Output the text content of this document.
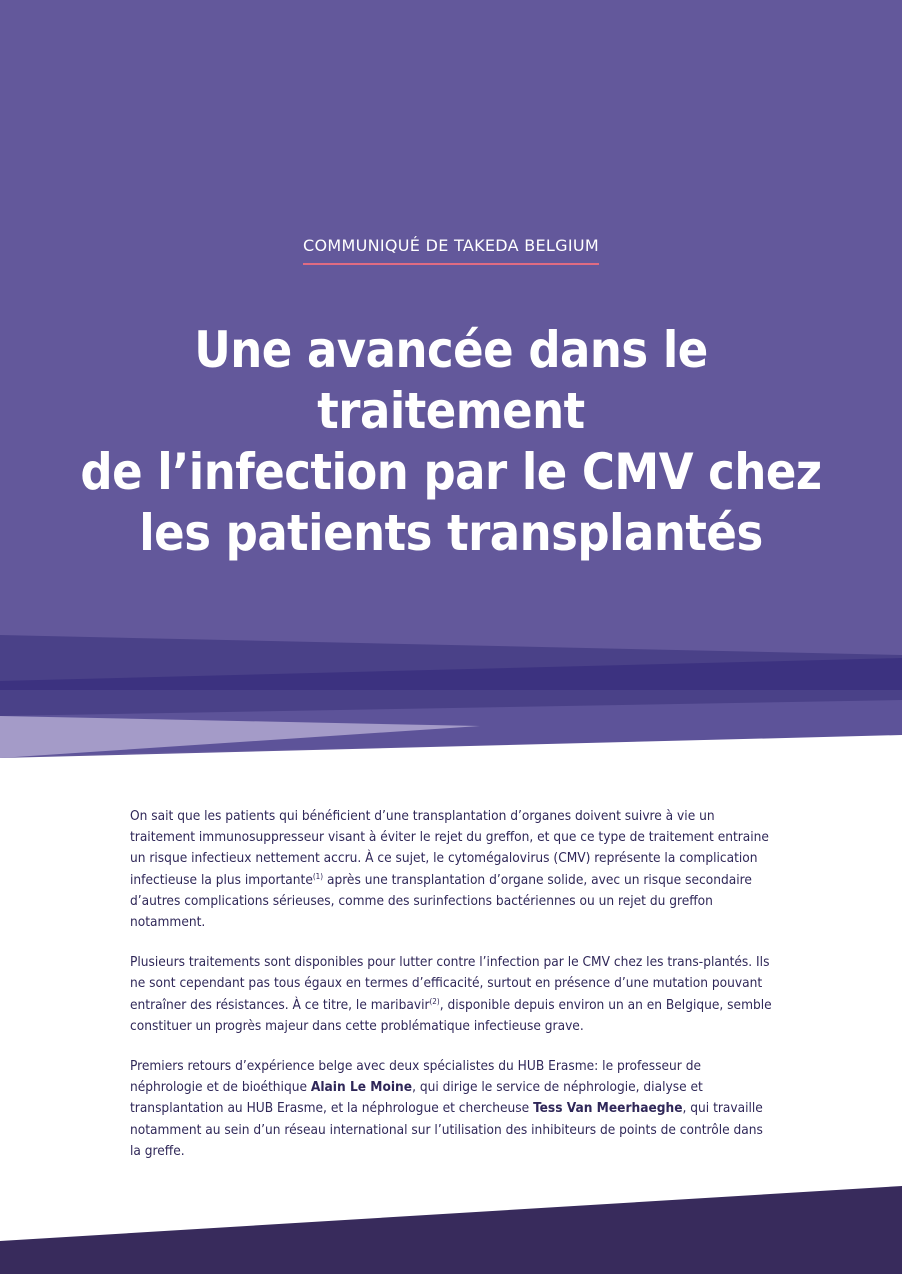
COMMUNIQUÉ DE TAKEDA BELGIUM
Une avancée dans le traitement
de l’infection par le CMV chez
les patients transplantés

On sait que les patients qui bénéficient d’une transplantation d’organes doivent suivre à vie un traitement immunosuppresseur visant à éviter le rejet du greffon, et que ce type de traitement entraine un risque infectieux nettement accru. À ce sujet, le cytomégalovirus (CMV) représente la complication infectieuse la plus importante$^{(1)}$ après une transplantation d’organe solide, avec un risque secondaire d’autres complications sérieuses, comme des surinfections bactériennes ou un rejet du greffon notamment.

Plusieurs traitements sont disponibles pour lutter contre l’infection par le CMV chez les trans-plantés. Ils ne sont cependant pas tous égaux en termes d’efficacité, surtout en présence d’une mutation pouvant entraîner des résistances. À ce titre, le maribavir$^{(2)}$, disponible depuis environ un an en Belgique, semble constituer un progrès majeur dans cette problématique infectieuse grave.

Premiers retours d’expérience belge avec deux spécialistes du HUB Erasme: le professeur de néphrologie et de bioéthique Alain Le Moine, qui dirige le service de néphrologie, dialyse et transplantation au HUB Erasme, et la néphrologue et chercheuse Tess Van Meerhaeghe, qui travaille notamment au sein d’un réseau international sur l’utilisation des inhibiteurs de points de contrôle dans la greffe.
